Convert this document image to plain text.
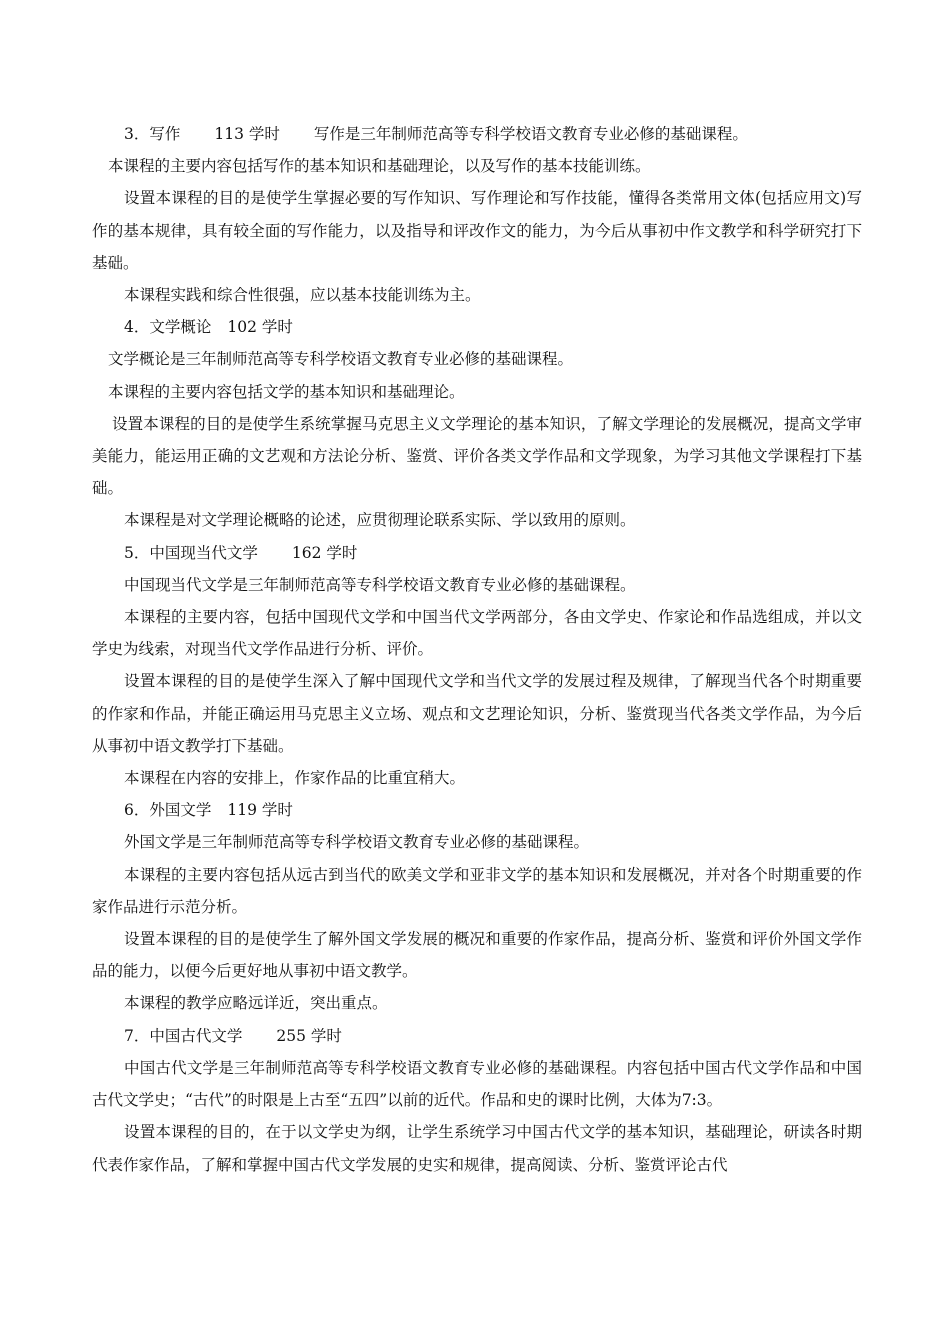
3．写作 113 学时 写作是三年制师范高等专科学校语文教育专业必修的基础课程。

本课程的主要内容包括写作的基本知识和基础理论，以及写作的基本技能训练。

设置本课程的目的是使学生掌握必要的写作知识、写作理论和写作技能，懂得各类常用文体(包括应用文)写作的基本规律，具有较全面的写作能力，以及指导和评改作文的能力，为今后从事初中作文教学和科学研究打下基础。

本课程实践和综合性很强，应以基本技能训练为主。

4．文学概论 102 学时

文学概论是三年制师范高等专科学校语文教育专业必修的基础课程。

本课程的主要内容包括文学的基本知识和基础理论。

设置本课程的目的是使学生系统掌握马克思主义文学理论的基本知识，了解文学理论的发展概况，提高文学审美能力，能运用正确的文艺观和方法论分析、鉴赏、评价各类文学作品和文学现象，为学习其他文学课程打下基础。

本课程是对文学理论概略的论述，应贯彻理论联系实际、学以致用的原则。

5．中国现当代文学 162 学时

中国现当代文学是三年制师范高等专科学校语文教育专业必修的基础课程。

本课程的主要内容，包括中国现代文学和中国当代文学两部分，各由文学史、作家论和作品选组成，并以文学史为线索，对现当代文学作品进行分析、评价。

设置本课程的目的是使学生深入了解中国现代文学和当代文学的发展过程及规律，了解现当代各个时期重要的作家和作品，并能正确运用马克思主义立场、观点和文艺理论知识，分析、鉴赏现当代各类文学作品，为今后从事初中语文教学打下基础。

本课程在内容的安排上，作家作品的比重宜稍大。

6．外国文学 119 学时

外国文学是三年制师范高等专科学校语文教育专业必修的基础课程。

本课程的主要内容包括从远古到当代的欧美文学和亚非文学的基本知识和发展概况，并对各个时期重要的作家作品进行示范分析。

设置本课程的目的是使学生了解外国文学发展的概况和重要的作家作品，提高分析、鉴赏和评价外国文学作品的能力，以便今后更好地从事初中语文教学。

本课程的教学应略远详近，突出重点。

7．中国古代文学 255 学时

中国古代文学是三年制师范高等专科学校语文教育专业必修的基础课程。内容包括中国古代文学作品和中国古代文学史；“古代”的时限是上古至“五四”以前的近代。作品和史的课时比例，大体为7:3。

设置本课程的目的，在于以文学史为纲，让学生系统学习中国古代文学的基本知识，基础理论，研读各时期代表作家作品，了解和掌握中国古代文学发展的史实和规律，提高阅读、分析、鉴赏评论古代
